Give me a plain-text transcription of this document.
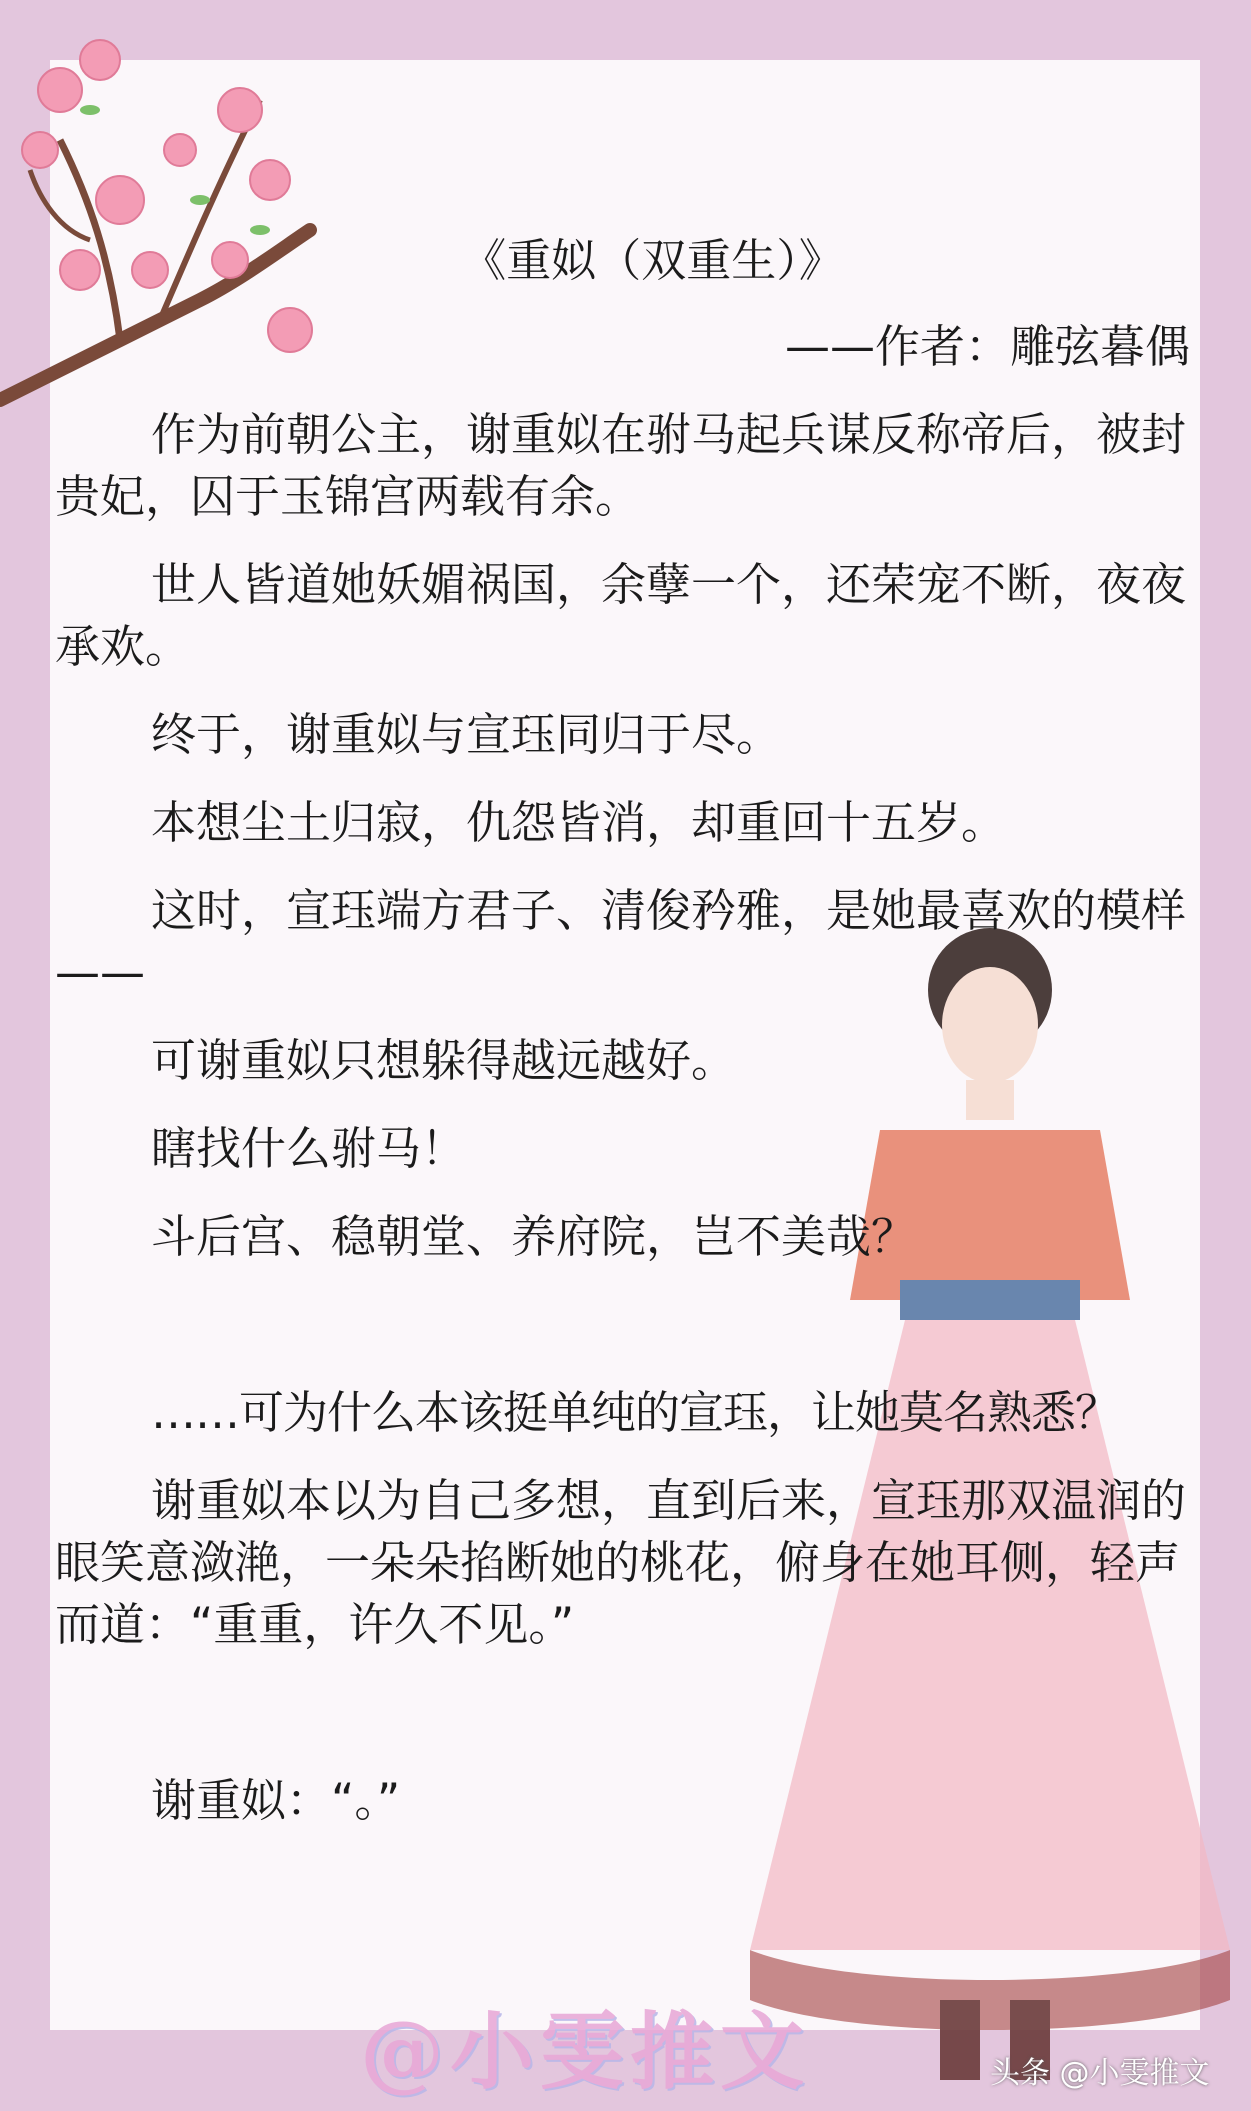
《重姒（双重生）》

——作者：雕弦暮偶

作为前朝公主，谢重姒在驸马起兵谋反称帝后，被封贵妃，囚于玉锦宫两载有余。

世人皆道她妖媚祸国，余孽一个，还荣宠不断，夜夜承欢。

终于，谢重姒与宣珏同归于尽。

本想尘土归寂，仇怨皆消，却重回十五岁。

这时，宣珏端方君子、清俊矜雅，是她最喜欢的模样——

可谢重姒只想躲得越远越好。

瞎找什么驸马！

斗后宫、稳朝堂、养府院，岂不美哉？

……可为什么本该挺单纯的宣珏，让她莫名熟悉？

谢重姒本以为自己多想，直到后来，宣珏那双温润的眼笑意潋滟，一朵朵掐断她的桃花，俯身在她耳侧，轻声而道：“重重，许久不见。”

谢重姒：“。”

@小雯推文	头条 @小雯推文
